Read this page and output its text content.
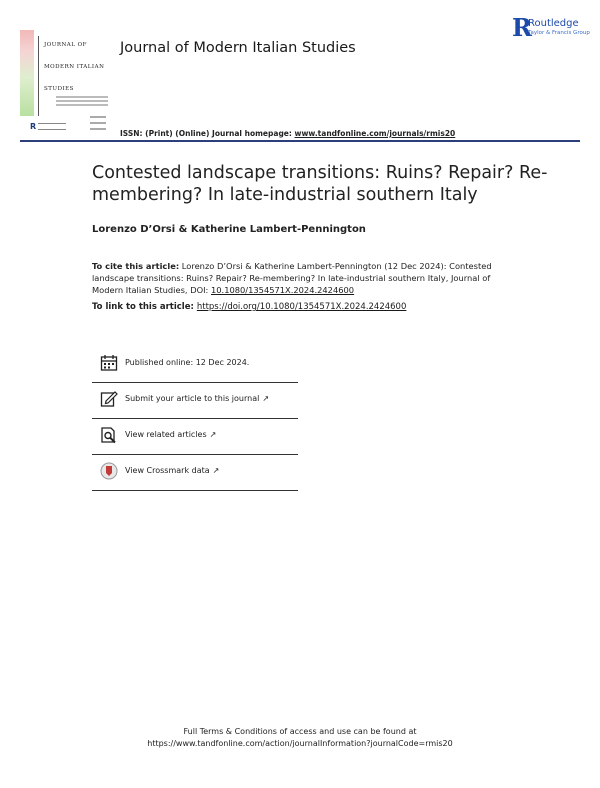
JOURNAL OF
MODERN ITALIAN
STUDIES
R
Journal of Modern Italian Studies
R
Routledge
Taylor & Francis Group
ISSN: (Print) (Online) Journal homepage: www.tandfonline.com/journals/rmis20
Contested landscape transitions: Ruins? Repair? Re-membering? In late-industrial southern Italy
Lorenzo D’Orsi & Katherine Lambert-Pennington
To cite this article: Lorenzo D’Orsi & Katherine Lambert-Pennington (12 Dec 2024): Contested landscape transitions: Ruins? Repair? Re-membering? In late-industrial southern Italy, Journal of Modern Italian Studies, DOI: 10.1080/1354571X.2024.2424600
To link to this article: https://doi.org/10.1080/1354571X.2024.2424600
Published online: 12 Dec 2024.
Submit your article to this journal ↗
View related articles ↗
View Crossmark data ↗
Full Terms & Conditions of access and use can be found at
https://www.tandfonline.com/action/journalInformation?journalCode=rmis20
